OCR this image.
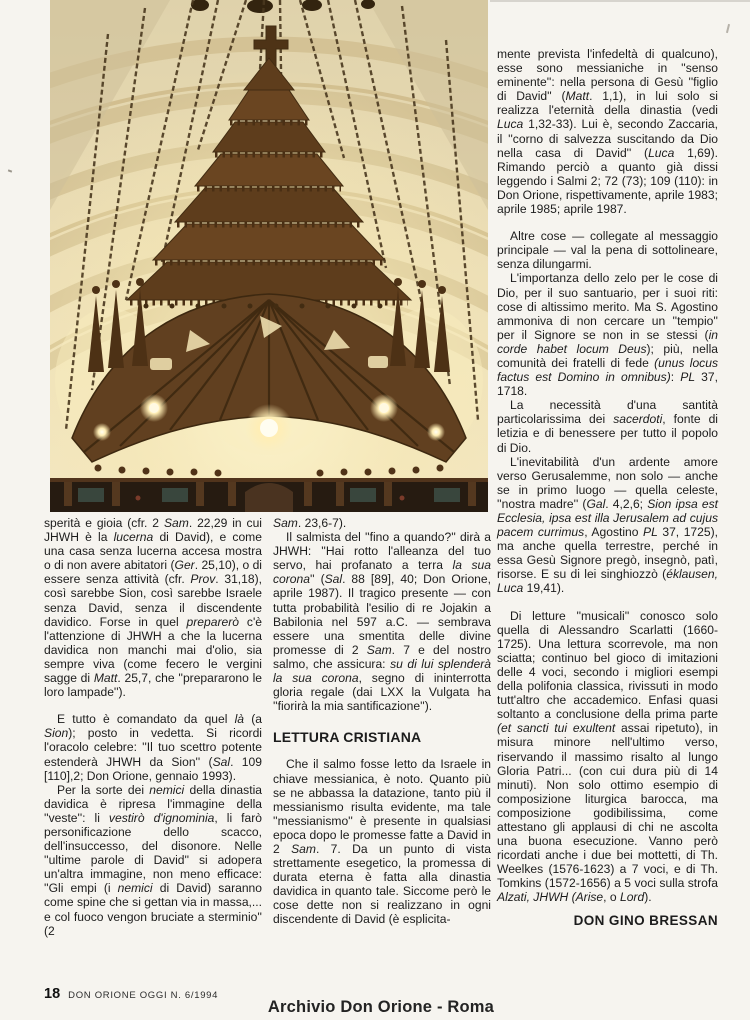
sperità e gioia (cfr. 2 Sam. 22,29 in cui JHWH è la lucerna di David), e come una casa senza lucerna accesa mostra o di non avere abitatori (Ger. 25,10), o di essere senza attività (cfr. Prov. 31,18), così sarebbe Sion, così sarebbe Israele senza David, senza il discendente davidico. Forse in quel preparerò c'è l'attenzione di JHWH a che la lucerna davidica non manchi mai d'olio, sia sempre viva (come fecero le vergini sagge di Matt. 25,7, che ''prepararono le loro lampade'').

E tutto è comandato da quel là (a Sion); posto in vedetta. Si ricordi l'oracolo celebre: ''Il tuo scettro potente estenderà JHWH da Sion'' (Sal. 109 [110],2; Don Orione, gennaio 1993).

Per la sorte dei nemici della dinastia davidica è ripresa l'immagine della ''veste'': li vestirò d'ignominia, li farò personificazione dello scacco, dell'insuccesso, del disonore. Nelle ''ultime parole di David'' si adopera un'altra immagine, non meno efficace: ''Gli empi (i nemici di David) saranno come spine che si gettan via in massa,... e col fuoco vengon bruciate a sterminio'' (2

Sam. 23,6-7).

Il salmista del ''fino a quando?'' dirà a JHWH: ''Hai rotto l'alleanza del tuo servo, hai profanato a terra la sua corona'' (Sal. 88 [89], 40; Don Orione, aprile 1987). Il tragico presente — con tutta probabilità l'esilio di re Jojakin a Babilonia nel 597 a.C. — sembrava essere una smentita delle divine promesse di 2 Sam. 7 e del nostro salmo, che assicura: su di lui splenderà la sua corona, segno di ininterrotta gloria regale (dai LXX la Vulgata ha ''fiorirà la mia santificazione'').

LETTURA CRISTIANA

Che il salmo fosse letto da Israele in chiave messianica, è noto. Quanto più se ne abbassa la datazione, tanto più il messianismo risulta evidente, ma tale ''messianismo'' è presente in qualsiasi epoca dopo le promesse fatte a David in 2 Sam. 7. Da un punto di vista strettamente esegetico, la promessa di durata eterna è fatta alla dinastia davidica in quanto tale. Siccome però le cose dette non si realizzano in ogni discendente di David (è esplicita-

mente prevista l'infedeltà di qualcuno), esse sono messianiche in ''senso eminente'': nella persona di Gesù ''figlio di David'' (Matt. 1,1), in lui solo si realizza l'eternità della dinastia (vedi Luca 1,32-33). Lui è, secondo Zaccaria, il ''corno di salvezza suscitando da Dio nella casa di David'' (Luca 1,69). Rimando perciò a quanto già dissi leggendo i Salmi 2; 72 (73); 109 (110): in Don Orione, rispettivamente, aprile 1983; aprile 1985; aprile 1987.

Altre cose — collegate al messaggio principale — val la pena di sottolineare, senza dilungarmi.

L'importanza dello zelo per le cose di Dio, per il suo santuario, per i suoi riti: cose di altissimo merito. Ma S. Agostino ammoniva di non cercare un ''tempio'' per il Signore se non in se stessi (in corde habet locum Deus); più, nella comunità dei fratelli di fede (unus locus factus est Domino in omnibus): PL 37, 1718.

La necessità d'una santità particolarissima dei sacerdoti, fonte di letizia e di benessere per tutto il popolo di Dio.

L'inevitabilità d'un ardente amore verso Gerusalemme, non solo — anche se in primo luogo — quella celeste, ''nostra madre'' (Gal. 4,2,6; Sion ipsa est Ecclesia, ipsa est illa Jerusalem ad cujus pacem currimus, Agostino PL 37, 1725), ma anche quella terrestre, perché in essa Gesù Signore pregò, insegnò, patì, risorse. E su di lei singhiozzò (éklausen, Luca 19,41).

Di letture ''musicali'' conosco solo quella di Alessandro Scarlatti (1660-1725). Una lettura scorrevole, ma non sciatta; continuo bel gioco di imitazioni delle 4 voci, secondo i migliori esempi della polifonia classica, rivissuti in modo tutt'altro che accademico. Enfasi quasi soltanto a conclusione della prima parte (et sancti tui exultent assai ripetuto), in misura minore nell'ultimo verso, riservando il massimo risalto al lungo Gloria Patri... (con cui dura più di 14 minuti). Non solo ottimo esempio di composizione liturgica barocca, ma composizione godibilissima, come attestano gli applausi di chi ne ascolta una buona esecuzione. Vanno però ricordati anche i due bei mottetti, di Th. Weelkes (1576-1623) a 7 voci, e di Th. Tomkins (1572-1656) a 5 voci sulla strofa Alzati, JHWH (Arise, o Lord).

DON GINO BRESSAN

18 DON ORIONE OGGI N. 6/1994
Archivio Don Orione - Roma
